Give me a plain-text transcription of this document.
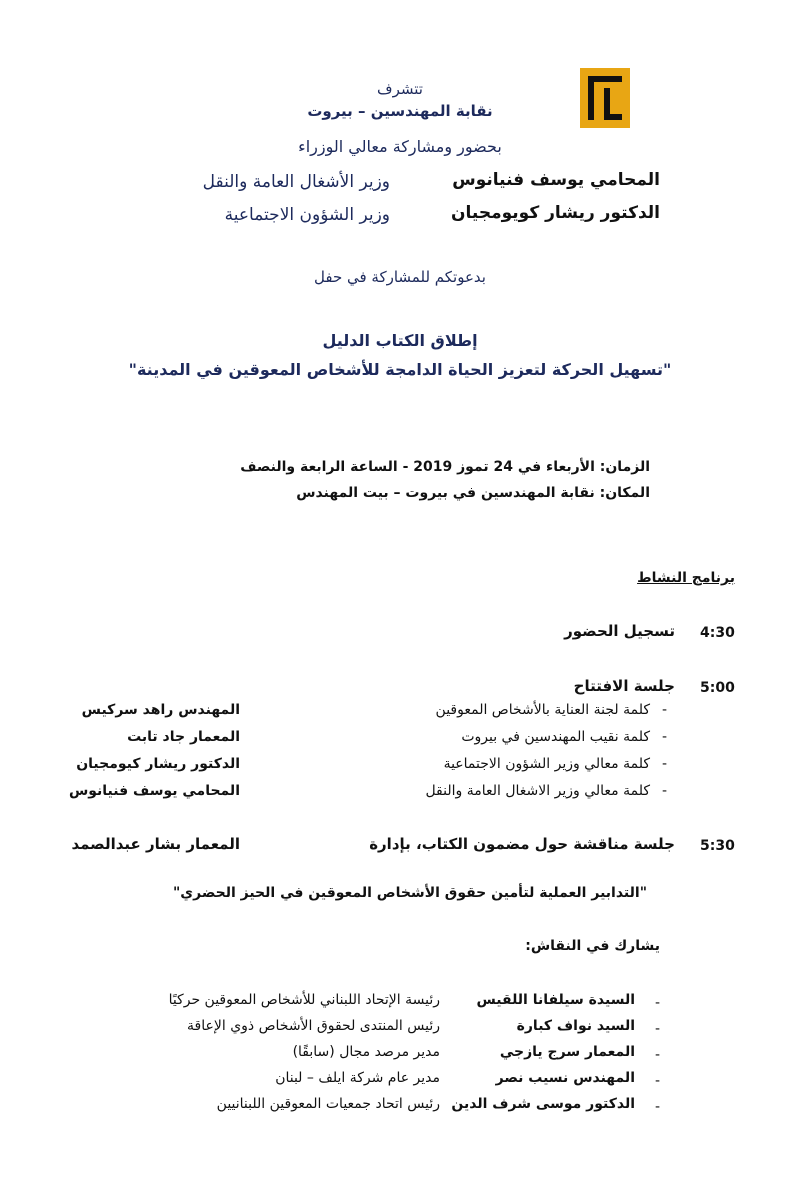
تتشرف
نقابة المهندسين – بيروت
بحضور ومشاركة معالي الوزراء
المحامي يوسف فنيانوس
وزير الأشغال العامة والنقل
الدكتور ريشار كويومجيان
وزير الشؤون الاجتماعية
بدعوتكم للمشاركة في حفل
إطلاق الكتاب الدليل
"تسهيل الحركة لتعزيز الحياة الدامجة للأشخاص المعوقين في المدينة"
الزمان: الأربعاء في 24 تموز 2019 - الساعة الرابعة والنصف
المكان: نقابة المهندسين في بيروت – بيت المهندس
برنامج النشاط
4:30
تسجيل الحضور
5:00
جلسة الافتتاح
-
كلمة لجنة العناية بالأشخاص المعوقين
المهندس راهد سركيس
-
كلمة نقيب المهندسين في بيروت
المعمار جاد تابت
-
كلمة معالي وزير الشؤون الاجتماعية
الدكتور ريشار كيومجيان
-
كلمة معالي وزير الاشغال العامة والنقل
المحامي يوسف فنيانوس
5:30
جلسة مناقشة حول مضمون الكتاب، بإدارة
المعمار بشار عبدالصمد
"التدابير العملية لتأمين حقوق الأشخاص المعوقين في الحيز الحضري"
يشارك في النقاش:
-
السيدة سيلفانا اللقيس
رئيسة الإتحاد اللبناني للأشخاص المعوقين حركيًا
-
السيد نواف كبارة
رئيس المنتدى لحقوق الأشخاص ذوي الإعاقة
-
المعمار سرج يازجي
مدير مرصد مجال (سابقًا)
-
المهندس نسيب نصر
مدير عام شركة ايلف – لبنان
-
الدكتور موسى شرف الدين
رئيس اتحاد جمعيات المعوقين اللبنانيين
